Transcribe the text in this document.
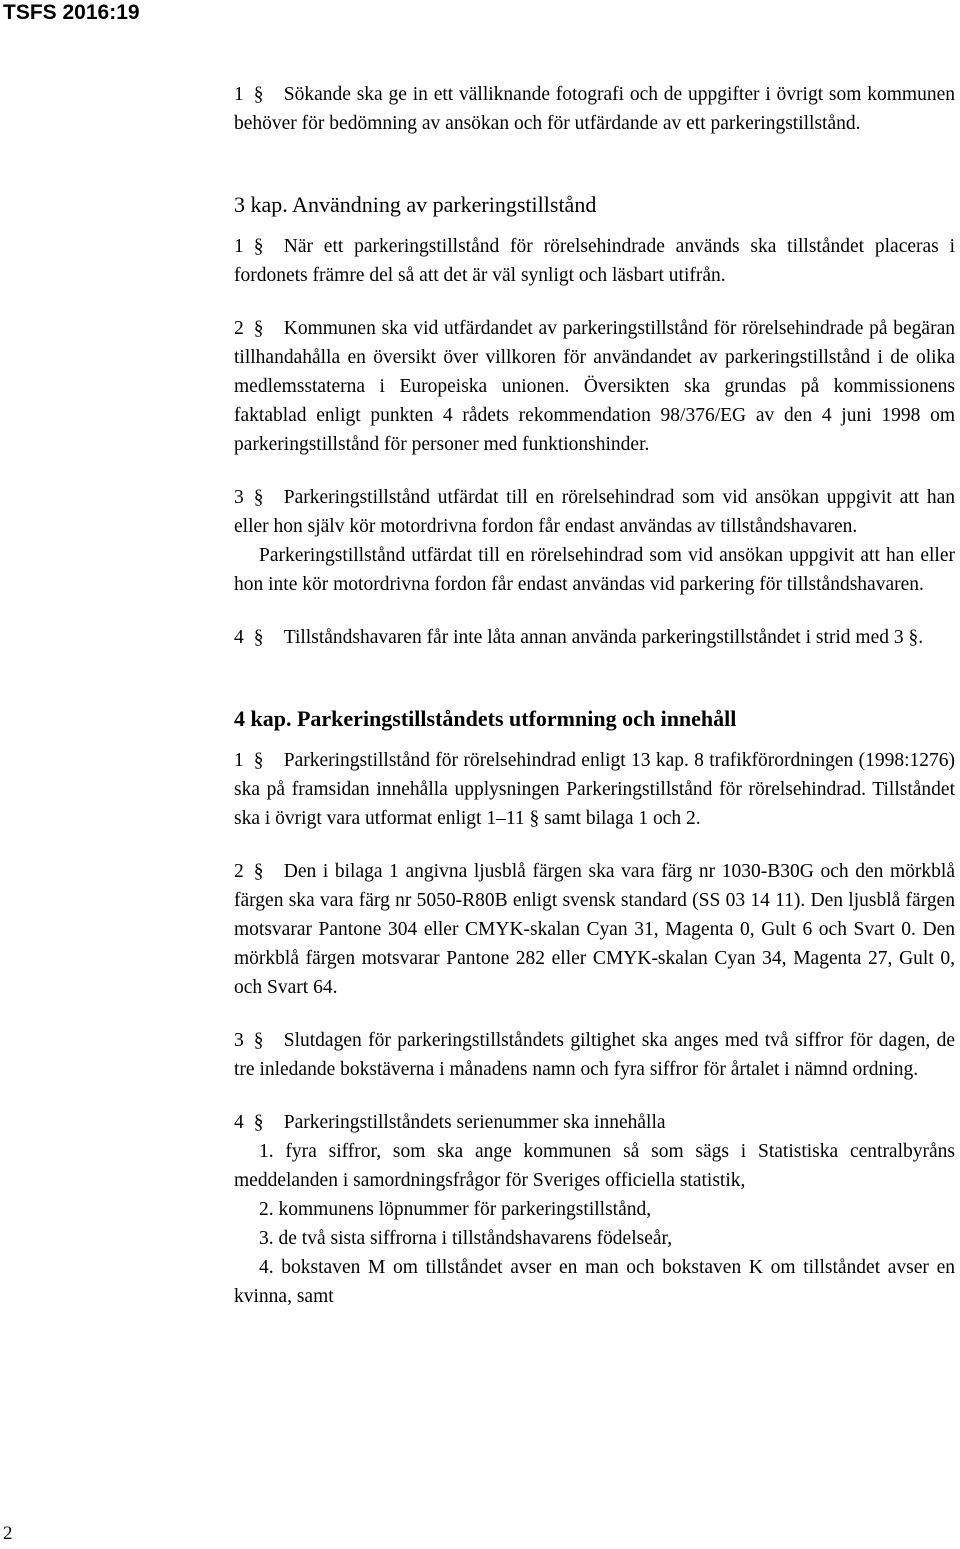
TSFS 2016:19

1 § Sökande ska ge in ett välliknande fotografi och de uppgifter i övrigt som kommunen behöver för bedömning av ansökan och för utfärdande av ett parkeringstillstånd.

3 kap. Användning av parkeringstillstånd

1 § När ett parkeringstillstånd för rörelsehindrade används ska tillståndet placeras i fordonets främre del så att det är väl synligt och läsbart utifrån.

2 § Kommunen ska vid utfärdandet av parkeringstillstånd för rörelsehindrade på begäran tillhandahålla en översikt över villkoren för användandet av parkeringstillstånd i de olika medlemsstaterna i Europeiska unionen. Översikten ska grundas på kommissionens faktablad enligt punkten 4 rådets rekommendation 98/376/EG av den 4 juni 1998 om parkeringstillstånd för personer med funktionshinder.

3 § Parkeringstillstånd utfärdat till en rörelsehindrad som vid ansökan uppgivit att han eller hon själv kör motordrivna fordon får endast användas av tillståndshavaren.

Parkeringstillstånd utfärdat till en rörelsehindrad som vid ansökan uppgivit att han eller hon inte kör motordrivna fordon får endast användas vid parkering för tillståndshavaren.

4 § Tillståndshavaren får inte låta annan använda parkeringstillståndet i strid med 3 §.

4 kap. Parkeringstillståndets utformning och innehåll

1 § Parkeringstillstånd för rörelsehindrad enligt 13 kap. 8 trafikförordningen (1998:1276) ska på framsidan innehålla upplysningen Parkeringstillstånd för rörelsehindrad. Tillståndet ska i övrigt vara utformat enligt 1–11 § samt bilaga 1 och 2.

2 § Den i bilaga 1 angivna ljusblå färgen ska vara färg nr 1030-B30G och den mörkblå färgen ska vara färg nr 5050-R80B enligt svensk standard (SS 03 14 11). Den ljusblå färgen motsvarar Pantone 304 eller CMYK-skalan Cyan 31, Magenta 0, Gult 6 och Svart 0. Den mörkblå färgen motsvarar Pantone 282 eller CMYK-skalan Cyan 34, Magenta 27, Gult 0, och Svart 64.

3 § Slutdagen för parkeringstillståndets giltighet ska anges med två siffror för dagen, de tre inledande bokstäverna i månadens namn och fyra siffror för årtalet i nämnd ordning.

4 § Parkeringstillståndets serienummer ska innehålla

1. fyra siffror, som ska ange kommunen så som sägs i Statistiska centralbyråns meddelanden i samordningsfrågor för Sveriges officiella statistik,

2. kommunens löpnummer för parkeringstillstånd,

3. de två sista siffrorna i tillståndshavarens födelseår,

4. bokstaven M om tillståndet avser en man och bokstaven K om tillståndet avser en kvinna, samt

2
